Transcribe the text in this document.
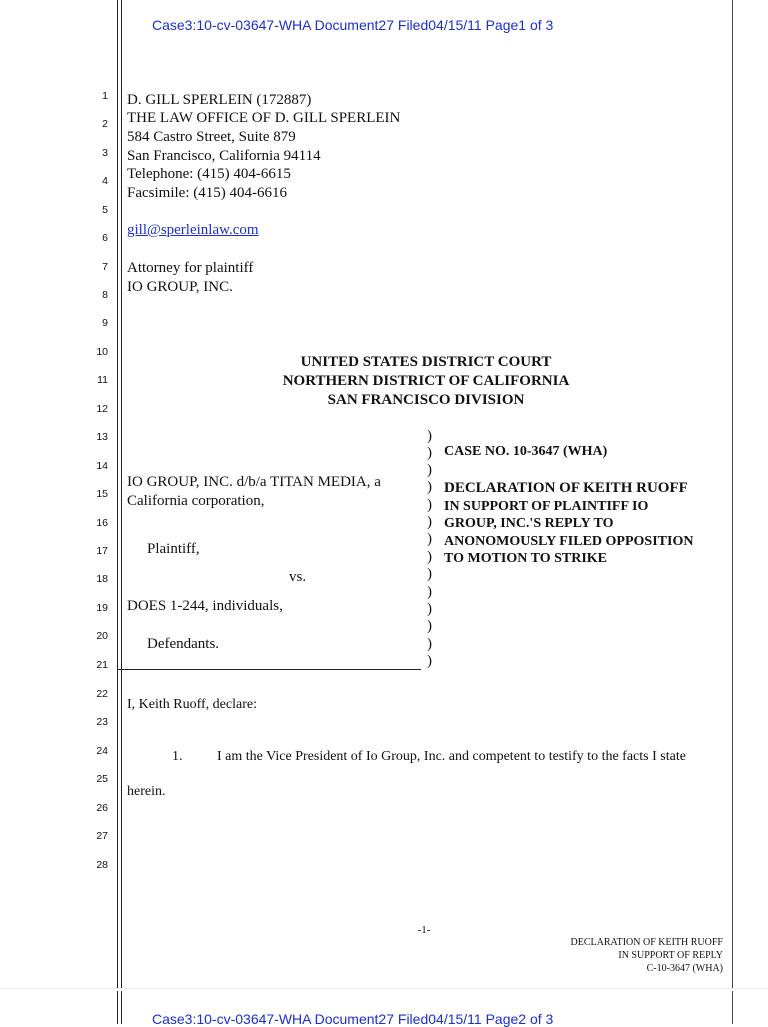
Case3:10-cv-03647-WHA Document27 Filed04/15/11 Page1 of 3
1
2
3
4
5
6
7
8
9
10
11
12
13
14
15
16
17
18
19
20
21
22
23
24
25
26
27
28
D. GILL SPERLEIN (172887)
THE LAW OFFICE OF D. GILL SPERLEIN
584 Castro Street, Suite 879
San Francisco, California 94114
Telephone: (415) 404-6615
Facsimile: (415) 404-6616
gill@sperleinlaw.com
Attorney for plaintiff
IO GROUP, INC.
UNITED STATES DISTRICT COURT
NORTHERN DISTRICT OF CALIFORNIA
SAN FRANCISCO DIVISION
IO GROUP, INC. d/b/a TITAN MEDIA, a
California corporation,
Plaintiff,
vs.
DOES 1-244, individuals,
Defendants.
)
)
)
)
)
)
)
)
)
)
)
)
)
)
CASE NO. 10-3647 (WHA)
DECLARATION OF KEITH RUOFF
IN SUPPORT OF PLAINTIFF IO
GROUP, INC.'S REPLY TO
ANONOMOUSLY FILED OPPOSITION
TO MOTION TO STRIKE
I, Keith Ruoff, declare:
1. I am the Vice President of Io Group, Inc. and competent to testify to the facts I state
herein.
-1-
DECLARATION OF KEITH RUOFF
IN SUPPORT OF REPLY
C-10-3647 (WHA)
Case3:10-cv-03647-WHA Document27 Filed04/15/11 Page2 of 3
